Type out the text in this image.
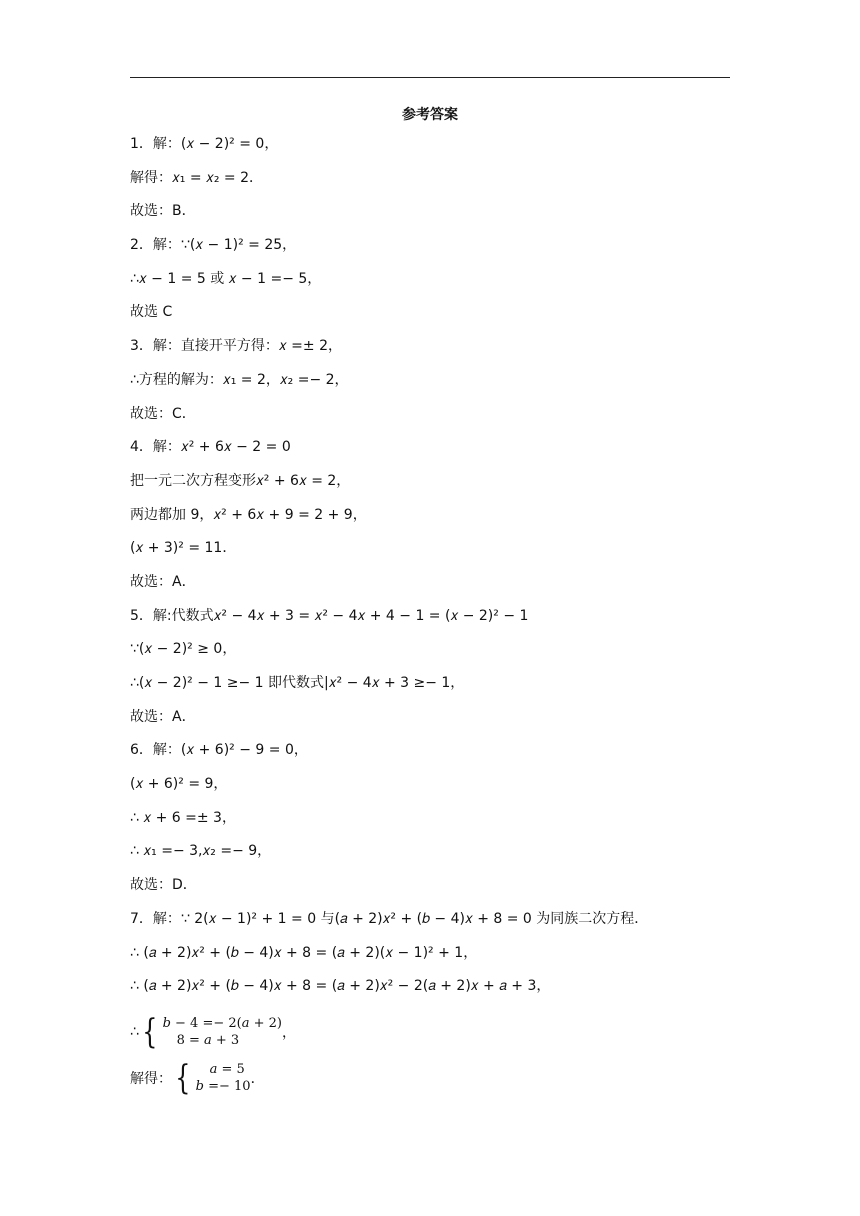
参考答案
1．解：(𝑥 − 2)² = 0，
解得：𝑥₁ = 𝑥₂ = 2．
故选：B．
2．解：∵(𝑥 − 1)² = 25，
∴𝑥 − 1 = 5 或 𝑥 − 1 =− 5，
故选 C
3．解：直接开平方得：𝑥 =± 2，
∴方程的解为：𝑥₁ = 2，𝑥₂ =− 2，
故选：C．
4．解：𝑥² + 6𝑥 − 2 = 0
把一元二次方程变形𝑥² + 6𝑥 = 2，
两边都加 9，𝑥² + 6𝑥 + 9 = 2 + 9，
(𝑥 + 3)² = 11．
故选：A．
5．解:代数式𝑥² − 4𝑥 + 3 = 𝑥² − 4𝑥 + 4 − 1 = (𝑥 − 2)² − 1
∵(𝑥 − 2)² ≥ 0，
∴(𝑥 − 2)² − 1 ≥− 1 即代数式|𝑥² − 4𝑥 + 3 ≥− 1，
故选：A．
6．解：(𝑥 + 6)² − 9 = 0，
(𝑥 + 6)² = 9，
∴ 𝑥 + 6 =± 3，
∴ 𝑥₁ =− 3,𝑥₂ =− 9，
故选：D．
7．解：∵ 2(𝑥 − 1)² + 1 = 0 与(𝑎 + 2)𝑥² + (𝑏 − 4)𝑥 + 8 = 0 为同族二次方程．
∴ (𝑎 + 2)𝑥² + (𝑏 − 4)𝑥 + 8 = (𝑎 + 2)(𝑥 − 1)² + 1，
∴ (𝑎 + 2)𝑥² + (𝑏 − 4)𝑥 + 8 = (𝑎 + 2)𝑥² − 2(𝑎 + 2)𝑥 + 𝑎 + 3，
∴ { 𝑏 − 4 =− 2(𝑎 + 2)
8 = 𝑎 + 3	，
解得： {	𝑎 = 5
𝑏 =− 10 ．
